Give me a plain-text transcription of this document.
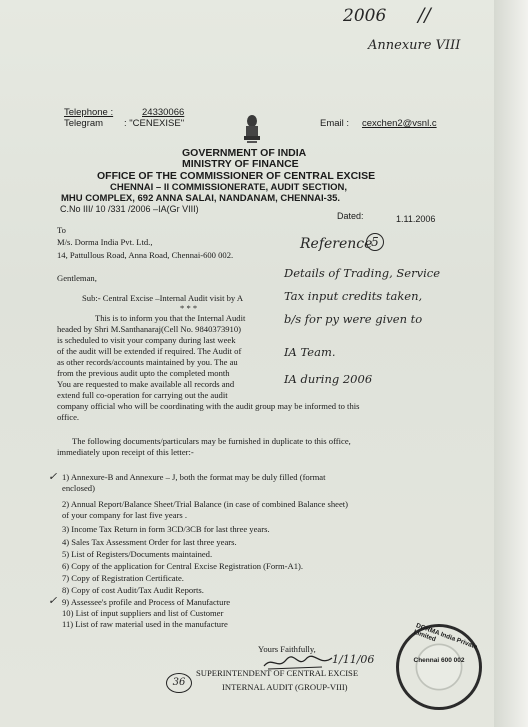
2006 //
Annexure VIII
Telephone :	24330066
Telegram : "CENEXISE"	Email : cexchen2@vsnl.c
GOVERNMENT OF INDIA
MINISTRY OF FINANCE
OFFICE OF THE COMMISSIONER OF CENTRAL EXCISE
CHENNAI – II COMMISSIONERATE, AUDIT SECTION,
MHU COMPLEX, 692 ANNA SALAI, NANDANAM, CHENNAI-35.
C.No III/ 10 /331 /2006 –IA(Gr VIII)
Dated:	1.11.2006
To
M/s. Dorma India Pvt. Ltd.,
14, Pattullous Road, Anna Road, Chennai-600 002.
Reference
5
Details of Trading, Service
Tax input credits taken,
b/s for py were given to
IA Team.
IA during 2006
Gentleman,
Sub:- Central Excise –Internal Audit visit by A
* * *
This is to inform you that the Internal Audit
headed by Shri M.Santhanaraj(Cell No. 9840373910)
is scheduled to visit your company during last week
of the audit will be extended if required. The Audit of
as other records/accounts maintained by you. The au
from the previous audit upto the completed month
You are requested to make available all records and
extend full co-operation for carrying out the audit
company official who will be coordinating with the audit group may be informed to this
office.
The following documents/particulars may be furnished in duplicate to this office,
immediately upon receipt of this letter:-
1) Annexure-B and Annexure – J, both the format may be duly filled (format
enclosed)
2) Annual Report/Balance Sheet/Trial Balance (in case of combined Balance sheet)
of your company for last five years .
3) Income Tax Return in form 3CD/3CB for last three years.
4) Sales Tax Assessment Order for last three years.
5) List of Registers/Documents maintained.
6) Copy of the application for Central Excise Registration (Form-A1).
7) Copy of Registration Certificate.
8) Copy of cost Audit/Tax Audit Reports.
9) Assessee's profile and Process of Manufacture
10) List of input suppliers and list of Customer
11) List of raw material used in the manufacture
✓
✓
Yours Faithfully,
1/11/06
SUPERINTENDENT OF CENTRAL EXCISE
INTERNAL AUDIT (GROUP-VIII)
36
DORMA India Private Limited
Chennai 600 002
